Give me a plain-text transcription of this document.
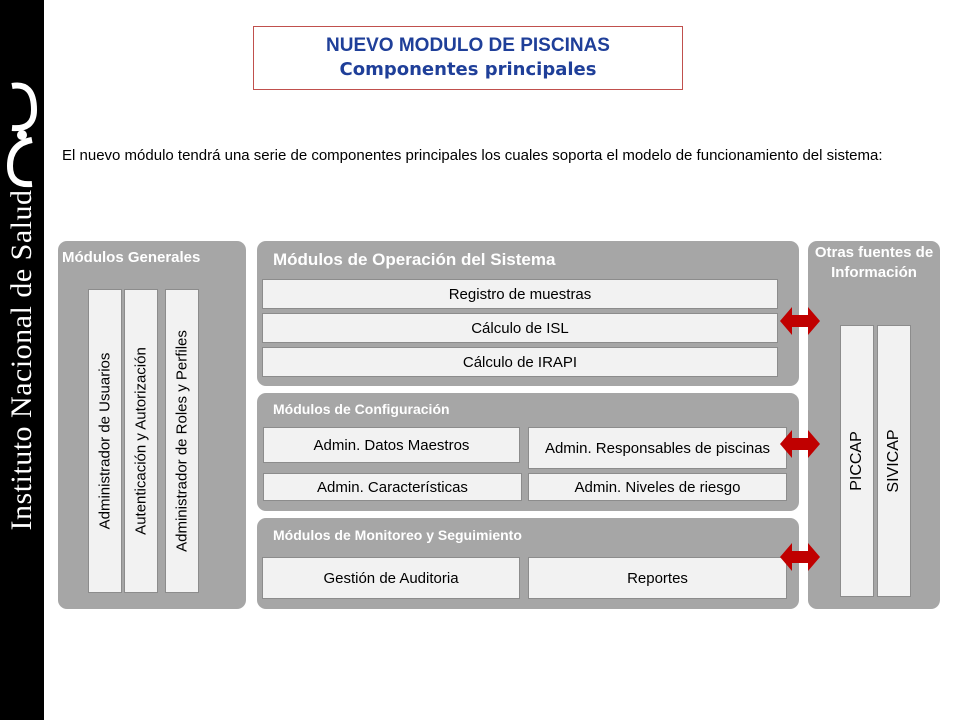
Instituto Nacional de Salud
NUEVO MODULO DE PISCINAS
Componentes principales
El nuevo módulo tendrá una serie de componentes principales los cuales soporta el modelo de funcionamiento del sistema:
Módulos Generales
Administrador de Usuarios Autenticación y Autorización Administrador de Roles y Perfiles
Módulos de Operación del Sistema
Registro de muestras
Cálculo de ISL
Cálculo de IRAPI
Módulos de Configuración
Admin. Datos Maestros	Admin. Responsables de piscinas
Admin. Características	Admin. Niveles de riesgo
Módulos de Monitoreo y Seguimiento
Gestión de Auditoria	Reportes
Otras fuentes de Información
PICCAP SIVICAP
